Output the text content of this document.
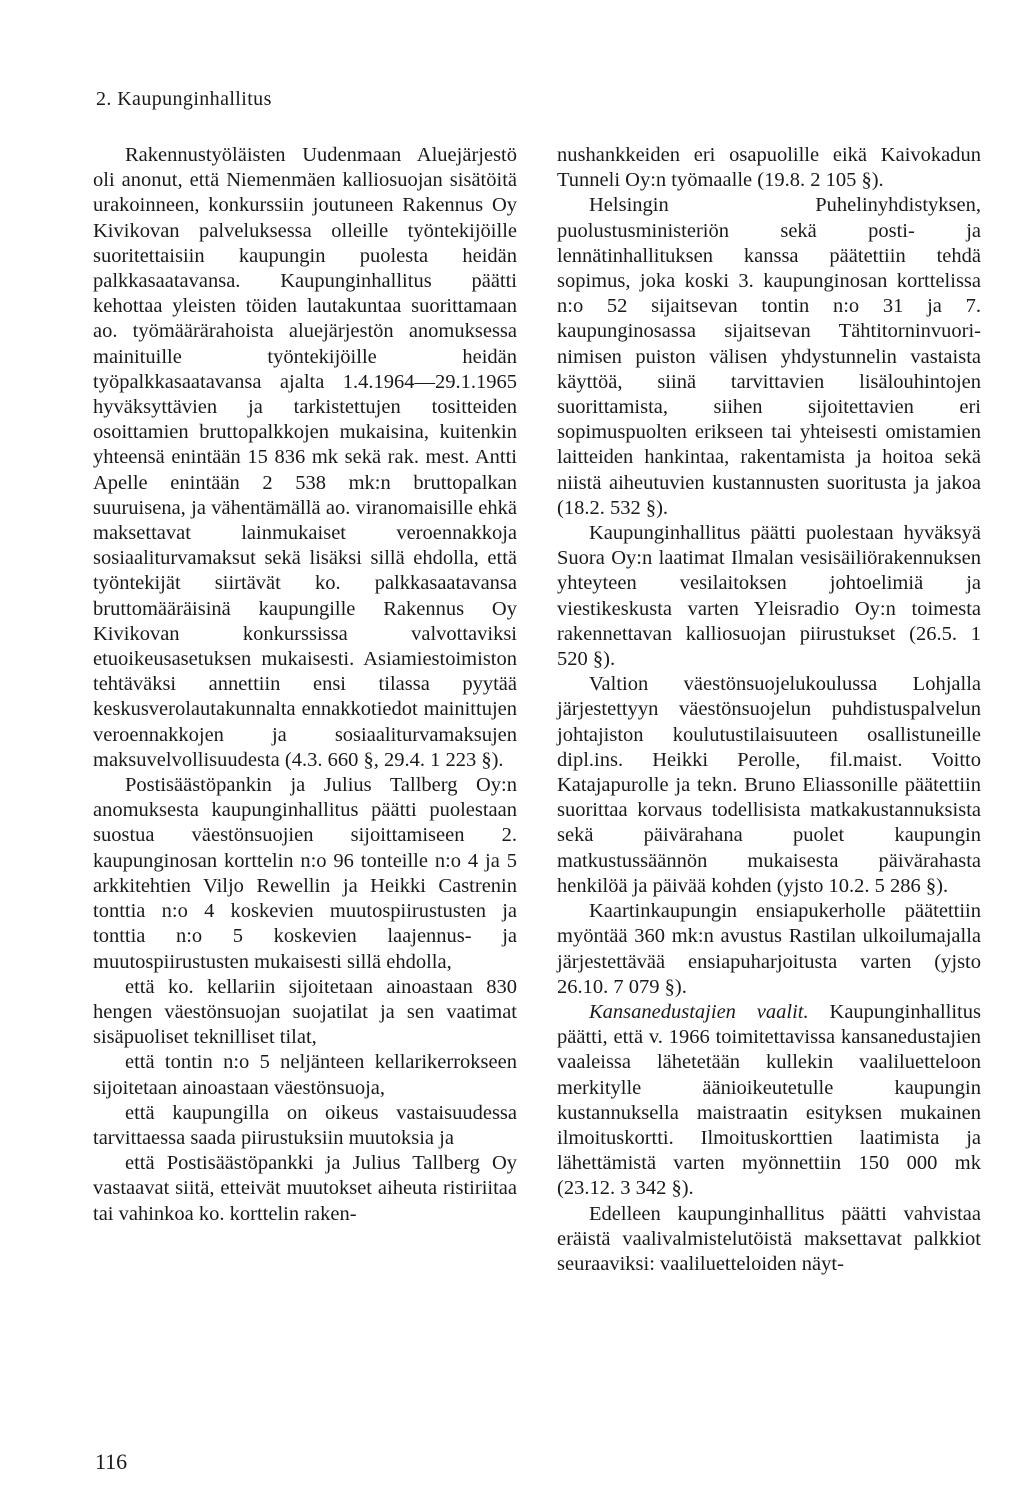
2. Kaupunginhallitus

Rakennustyöläisten Uudenmaan Aluejärjestö oli anonut, että Niemenmäen kalliosuojan sisätöitä urakoinneen, konkurssiin joutuneen Rakennus Oy Kivikovan palveluksessa olleille työntekijöille suoritettaisiin kaupungin puolesta heidän palkkasaatavansa. Kaupunginhallitus päätti kehottaa yleisten töiden lautakuntaa suorittamaan ao. työmäärärahoista aluejärjestön anomuksessa mainituille työntekijöille heidän työpalkkasaatavansa ajalta 1.4.1964—29.1.1965 hyväksyttävien ja tarkistettujen tositteiden osoittamien bruttopalkkojen mukaisina, kuitenkin yhteensä enintään 15 836 mk sekä rak. mest. Antti Apelle enintään 2 538 mk:n bruttopalkan suuruisena, ja vähentämällä ao. viranomaisille ehkä maksettavat lainmukaiset veroennakkoja sosiaaliturvamaksut sekä lisäksi sillä ehdolla, että työntekijät siirtävät ko. palkkasaatavansa bruttomääräisinä kaupungille Rakennus Oy Kivikovan konkurssissa valvottaviksi etuoikeusasetuksen mukaisesti. Asiamiestoimiston tehtäväksi annettiin ensi tilassa pyytää keskusverolautakunnalta ennakkotiedot mainittujen veroennakkojen ja sosiaaliturvamaksujen maksuvelvollisuudesta (4.3. 660 §, 29.4. 1 223 §).

Postisäästöpankin ja Julius Tallberg Oy:n anomuksesta kaupunginhallitus päätti puolestaan suostua väestönsuojien sijoittamiseen 2. kaupunginosan korttelin n:o 96 tonteille n:o 4 ja 5 arkkitehtien Viljo Rewellin ja Heikki Castrenin tonttia n:o 4 koskevien muutospiirustusten ja tonttia n:o 5 koskevien laajennus- ja muutospiirustusten mukaisesti sillä ehdolla,

että ko. kellariin sijoitetaan ainoastaan 830 hengen väestönsuojan suojatilat ja sen vaatimat sisäpuoliset teknilliset tilat,

että tontin n:o 5 neljänteen kellarikerrokseen sijoitetaan ainoastaan väestönsuoja,

että kaupungilla on oikeus vastaisuudessa tarvittaessa saada piirustuksiin muutoksia ja

että Postisäästöpankki ja Julius Tallberg Oy vastaavat siitä, etteivät muutokset aiheuta ristiriitaa tai vahinkoa ko. korttelin raken-

nushankkeiden eri osapuolille eikä Kaivokadun Tunneli Oy:n työmaalle (19.8. 2 105 §).

Helsingin Puhelinyhdistyksen, puolustusministeriön sekä posti- ja lennätinhallituksen kanssa päätettiin tehdä sopimus, joka koski 3. kaupunginosan korttelissa n:o 52 sijaitsevan tontin n:o 31 ja 7. kaupunginosassa sijaitsevan Tähtitorninvuori-nimisen puiston välisen yhdystunnelin vastaista käyttöä, siinä tarvittavien lisälouhintojen suorittamista, siihen sijoitettavien eri sopimuspuolten erikseen tai yhteisesti omistamien laitteiden hankintaa, rakentamista ja hoitoa sekä niistä aiheutuvien kustannusten suoritusta ja jakoa (18.2. 532 §).

Kaupunginhallitus päätti puolestaan hyväksyä Suora Oy:n laatimat Ilmalan vesisäiliörakennuksen yhteyteen vesilaitoksen johtoelimiä ja viestikeskusta varten Yleisradio Oy:n toimesta rakennettavan kalliosuojan piirustukset (26.5. 1 520 §).

Valtion väestönsuojelukoulussa Lohjalla järjestettyyn väestönsuojelun puhdistuspalvelun johtajiston koulutustilaisuuteen osallistuneille dipl.ins. Heikki Perolle, fil.maist. Voitto Katajapurolle ja tekn. Bruno Eliassonille päätettiin suorittaa korvaus todellisista matkakustannuksista sekä päivärahana puolet kaupungin matkustussäännön mukaisesta päivärahasta henkilöä ja päivää kohden (yjsto 10.2. 5 286 §).

Kaartinkaupungin ensiapukerholle päätettiin myöntää 360 mk:n avustus Rastilan ulkoilumajalla järjestettävää ensiapuharjoitusta varten (yjsto 26.10. 7 079 §).

Kansanedustajien vaalit. Kaupunginhallitus päätti, että v. 1966 toimitettavissa kansanedustajien vaaleissa lähetetään kullekin vaaliluetteloon merkitylle äänioikeutetulle kaupungin kustannuksella maistraatin esityksen mukainen ilmoituskortti. Ilmoituskorttien laatimista ja lähettämistä varten myönnettiin 150 000 mk (23.12. 3 342 §).

Edelleen kaupunginhallitus päätti vahvistaa eräistä vaalivalmistelutöistä maksettavat palkkiot seuraaviksi: vaaliluetteloiden näyt-

116
